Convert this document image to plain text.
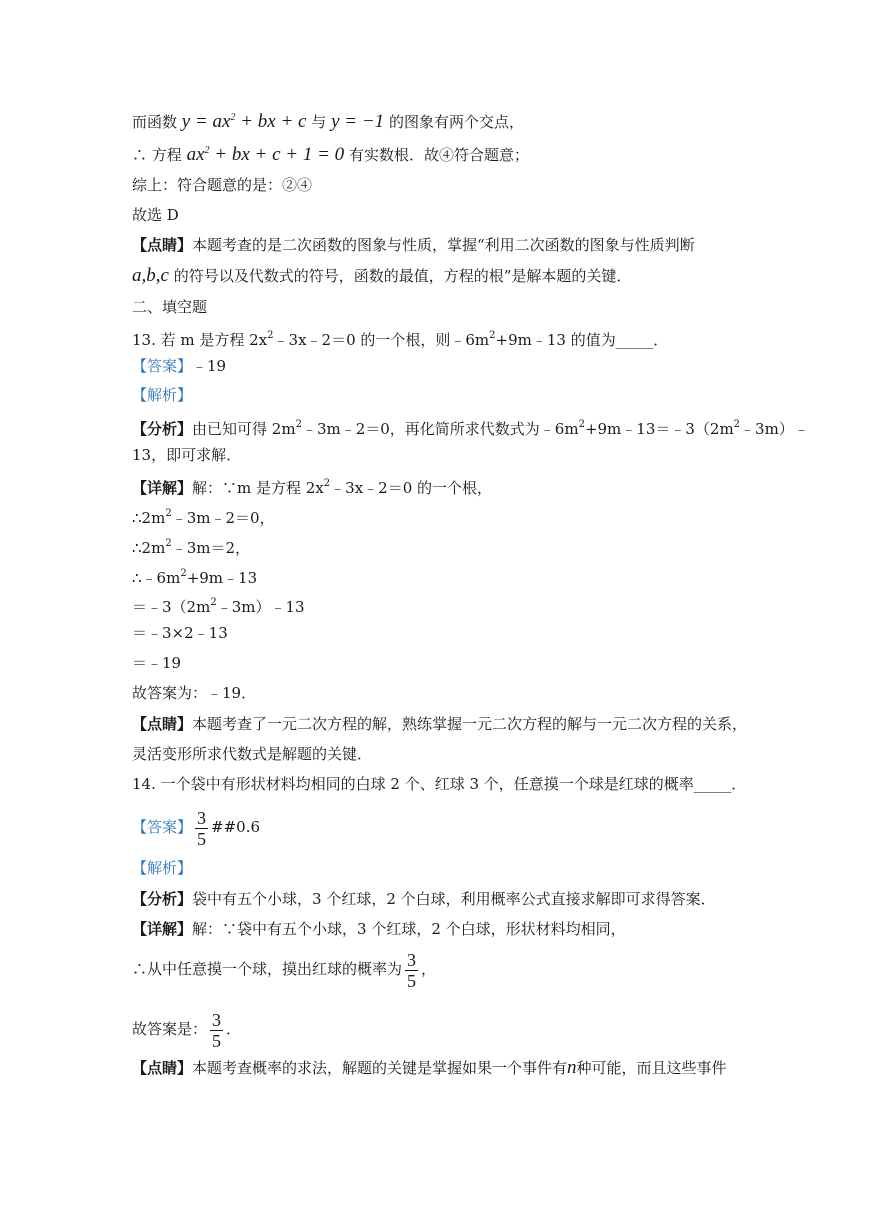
而函数 $y = ax^2$ + bx + c 与 y = −1 的图象有两个交点，
∴ 方程 $ax^2$ + bx + c + 1 = 0 有实数根．故④符合题意；
综上：符合题意的是：②④
故选 D
【点睛】本题考查的是二次函数的图象与性质，掌握“利用二次函数的图象与性质判断
a,b,c 的符号以及代数式的符号，函数的最值，方程的根”是解本题的关键．
二、填空题
13. 若 m 是方程 $2x^2﹣3x﹣2=0$ 的一个根，则$﹣6m^2+9m﹣13$ 的值为_____．
【答案】﹣19
【解析】
【分析】由已知可得 $2m^2﹣3m﹣2=0$，再化简所求代数式为$﹣6m^2+9m﹣13=﹣3(2m^2﹣3m)﹣$
13，即可求解．
【详解】解：∵m 是方程 $2x^2﹣3x﹣2=0$ 的一个根，
$\therefore 2m^2﹣3m﹣2=0$，
$\therefore 2m^2﹣3m=2$，
$\therefore﹣6m^2+9m﹣13$
$=﹣3(2m^2﹣3m)﹣13$
＝﹣3×2﹣13
＝﹣19
故答案为：﹣19．
【点睛】本题考查了一元二次方程的解，熟练掌握一元二次方程的解与一元二次方程的关系，
灵活变形所求代数式是解题的关键．
14. 一个袋中有形状材料均相同的白球 2 个、红球 3 个，任意摸一个球是红球的概率_____．
【答案】 $\frac{3}{5}$ ##0.6
【解析】
【分析】袋中有五个小球，3 个红球，2 个白球，利用概率公式直接求解即可求得答案．
【详解】解：∵袋中有五个小球，3 个红球，2 个白球，形状材料均相同，
∴从中任意摸一个球，摸出红球的概率为 $\frac{3}{5}$ ，
故答案是： $\frac{3}{5}$ ．
【点睛】本题考查概率的求法，解题的关键是掌握如果一个事件有n种可能，而且这些事件
